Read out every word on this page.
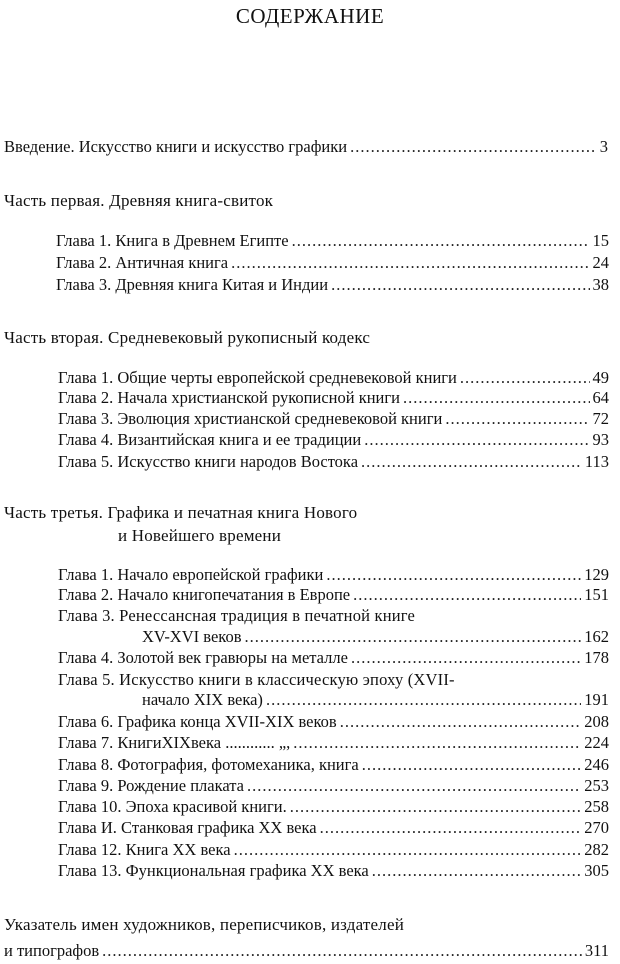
СОДЕРЖАНИЕ
Введение. Искусство книги и искусство графики .....	3
Часть первая. Древняя книга-свиток
Глава 1. Книга в Древнем Египте .....	15
Глава 2. Античная книга .....	24
Глава 3. Древняя книга Китая и Индии .....	38
Часть вторая. Средневековый рукописный кодекс
Глава 1. Общие черты европейской средневековой книги .....	49
Глава 2. Начала христианской рукописной книги .....	64
Глава 3. Эволюция христианской средневековой книги .....	72
Глава 4. Византийская книга и ее традиции .....	93
Глава 5. Искусство книги народов Востока .....	113
Часть третья. Графика и печатная книга Нового
и Новейшего времени
Глава 1. Начало европейской графики .....	129
Глава 2. Начало книгопечатания в Европе .....	151
Глава 3. Ренессансная традиция в печатной книге
XV-XVI веков .....	162
Глава 4. Золотой век гравюры на металле .....	178
Глава 5. Искусство книги в классическую эпоху (XVII-
начало XIX века) .....	191
Глава 6. Графика конца XVII-XIX веков .....	208
Глава 7. КнигиXIXвека ............ „, .....	224
Глава 8. Фотография, фотомеханика, книга .....	246
Глава 9. Рождение плаката .....	253
Глава 10. Эпоха красивой книги. .....	258
Глава И. Станковая графика XX века .....	270
Глава 12. Книга XX века .....	282
Глава 13. Функциональная графика XX века .....	305
Указатель имен художников, переписчиков, издателей
и типографов .....	311
